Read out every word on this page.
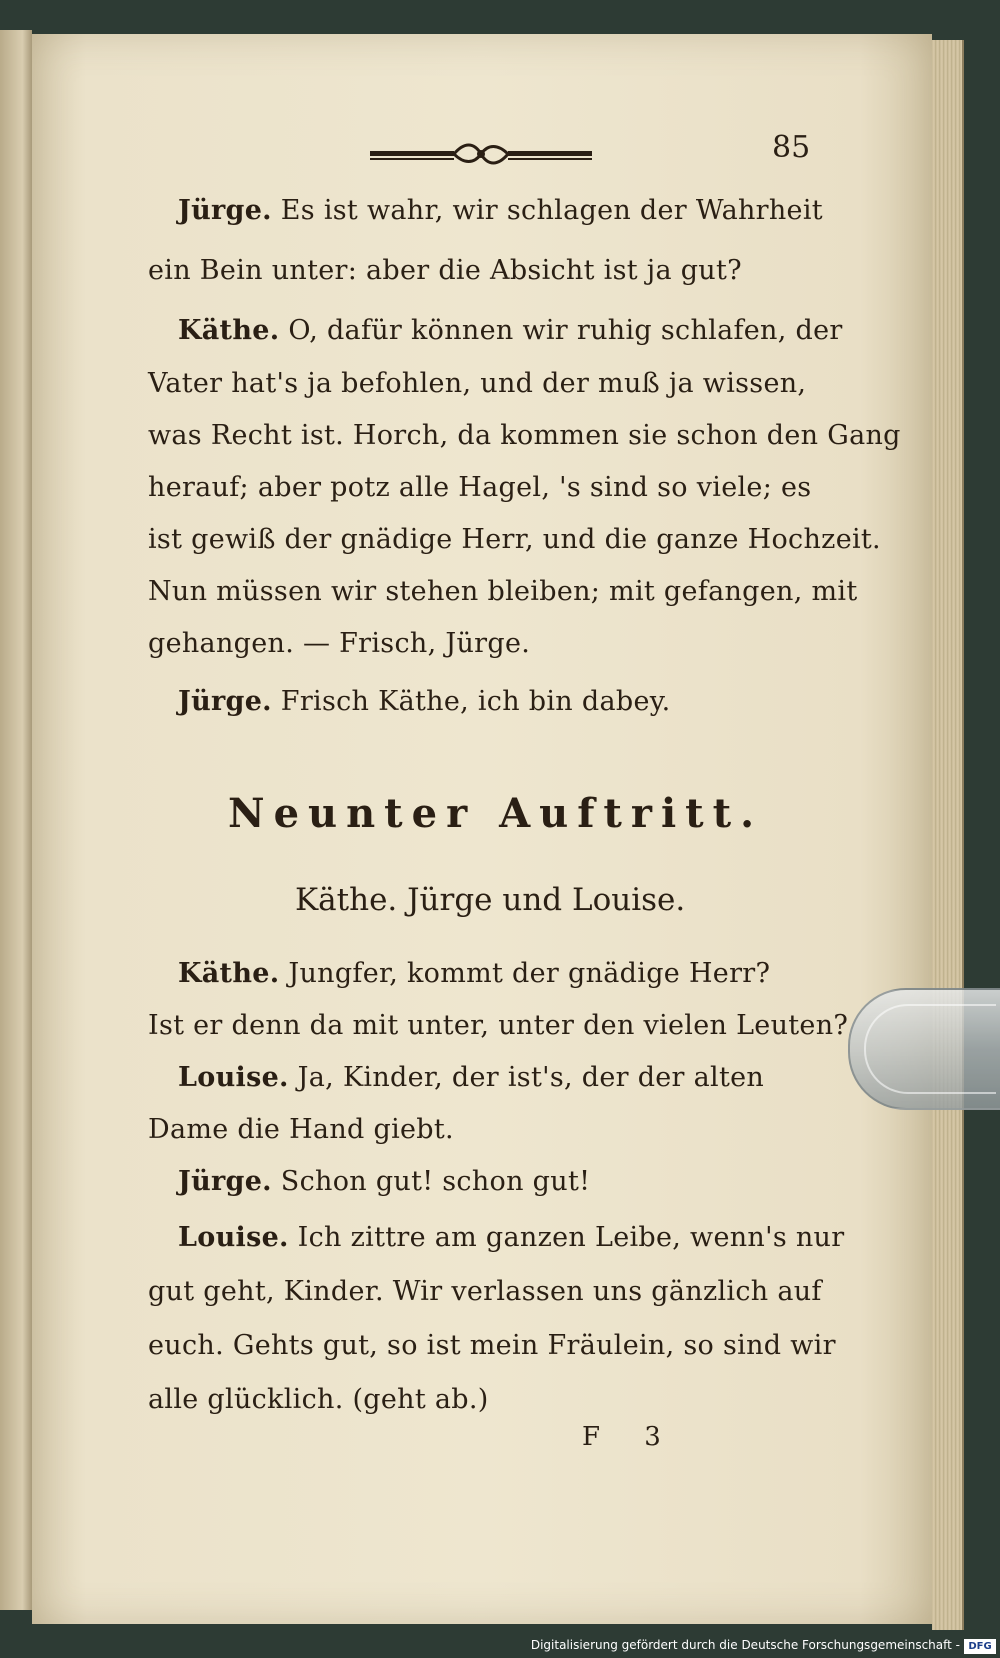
85
Jürge. Es ist wahr, wir schlagen der Wahrheit
ein Bein unter: aber die Absicht ist ja gut?
Käthe. O, dafür können wir ruhig schlafen, der
Vater hat's ja befohlen, und der muß ja wissen,
was Recht ist. Horch, da kommen sie schon den Gang
herauf; aber potz alle Hagel, 's sind so viele; es
ist gewiß der gnädige Herr, und die ganze Hochzeit.
Nun müssen wir stehen bleiben; mit gefangen, mit
gehangen. — Frisch, Jürge.
Jürge. Frisch Käthe, ich bin dabey.
Neunter Auftritt.
Käthe. Jürge und Louise.
Käthe. Jungfer, kommt der gnädige Herr?
Ist er denn da mit unter, unter den vielen Leuten?
Louise. Ja, Kinder, der ist's, der der alten
Dame die Hand giebt.
Jürge. Schon gut! schon gut!
Louise. Ich zittre am ganzen Leibe, wenn's nur
gut geht, Kinder. Wir verlassen uns gänzlich auf
euch. Gehts gut, so ist mein Fräulein, so sind wir
alle glücklich. (geht ab.)
F 3
Digitalisierung gefördert durch die Deutsche Forschungsgemeinschaft - DFG
